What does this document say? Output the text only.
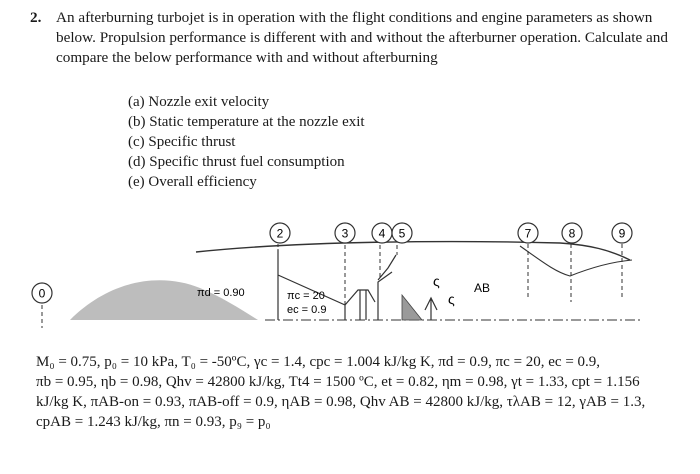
2. An afterburning turbojet is in operation with the flight conditions and engine parameters as shown below. Propulsion performance is different with and without the afterburner operation. Calculate and compare the below performance with and without afterburning
(a) Nozzle exit velocity
(b) Static temperature at the nozzle exit
(c) Specific thrust
(d) Specific thrust fuel consumption
(e) Overall efficiency
0
2	3	4 5	7	8	9
πd = 0.90	πc = 20
ec = 0.9
AB
ς
ς
M₀ = 0.75, p₀ = 10 kPa, T₀ = -50ºC, γc = 1.4, cpc = 1.004 kJ/kg K, πd = 0.9, πc = 20, ec = 0.9,
πb = 0.95, ηb = 0.98, Qhv = 42800 kJ/kg, Tt4 = 1500 ºC, et = 0.82, ηm = 0.98, γt = 1.33, cpt = 1.156
kJ/kg K, πAB-on = 0.93, πAB-off = 0.9, ηAB = 0.98, Qhv AB = 42800 kJ/kg, τλAB = 12, γAB = 1.3,
cpAB = 1.243 kJ/kg, πn = 0.93, p₉ = p₀
